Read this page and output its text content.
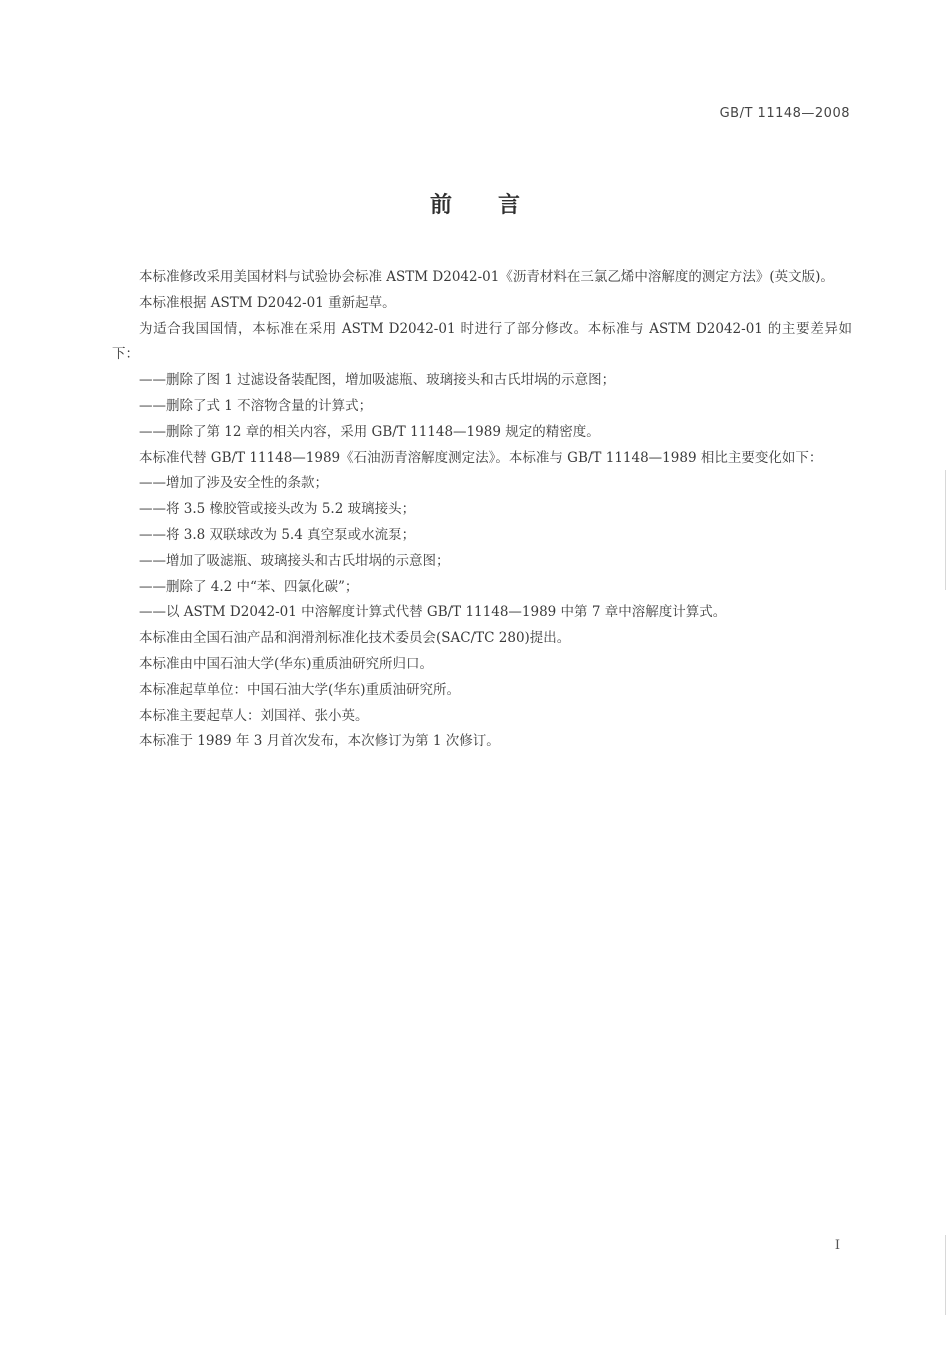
GB/T 11148—2008
前 言

本标准修改采用美国材料与试验协会标准 ASTM D2042-01《沥青材料在三氯乙烯中溶解度的测定方法》(英文版)。

本标准根据 ASTM D2042-01 重新起草。

为适合我国国情，本标准在采用 ASTM D2042-01 时进行了部分修改。本标准与 ASTM D2042-01 的主要差异如下：

——删除了图 1 过滤设备装配图，增加吸滤瓶、玻璃接头和古氏坩埚的示意图；

——删除了式 1 不溶物含量的计算式；

——删除了第 12 章的相关内容，采用 GB/T 11148—1989 规定的精密度。

本标准代替 GB/T 11148—1989《石油沥青溶解度测定法》。本标准与 GB/T 11148—1989 相比主要变化如下：

——增加了涉及安全性的条款；

——将 3.5 橡胶管或接头改为 5.2 玻璃接头；

——将 3.8 双联球改为 5.4 真空泵或水流泵；

——增加了吸滤瓶、玻璃接头和古氏坩埚的示意图；

——删除了 4.2 中“苯、四氯化碳”；

——以 ASTM D2042-01 中溶解度计算式代替 GB/T 11148—1989 中第 7 章中溶解度计算式。

本标准由全国石油产品和润滑剂标准化技术委员会(SAC/TC 280)提出。

本标准由中国石油大学(华东)重质油研究所归口。

本标准起草单位：中国石油大学(华东)重质油研究所。

本标准主要起草人：刘国祥、张小英。

本标准于 1989 年 3 月首次发布，本次修订为第 1 次修订。

I
